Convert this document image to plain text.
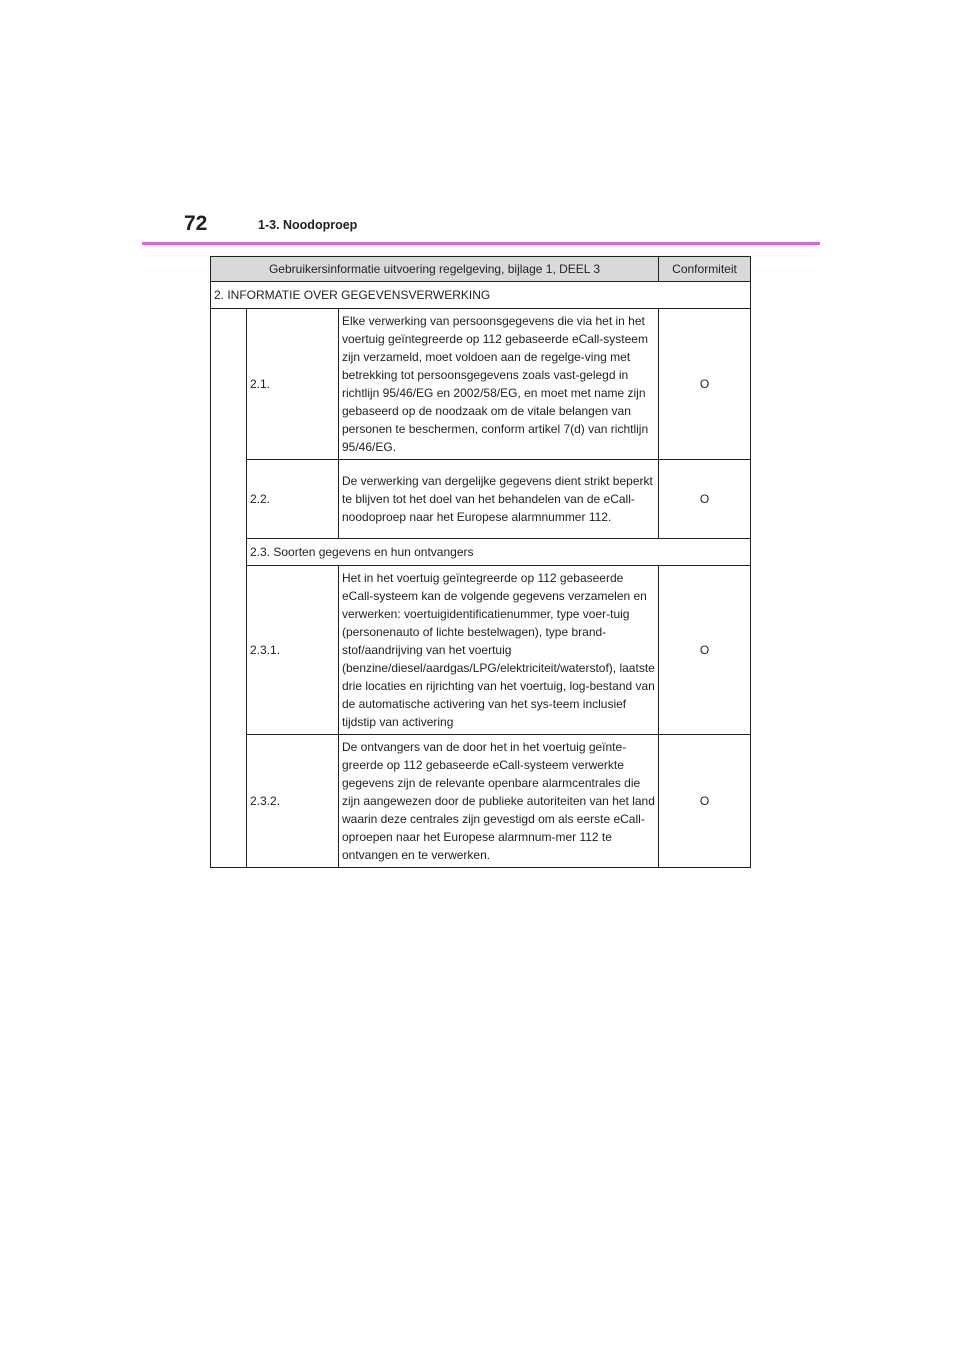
72	1-3. Noodoproep
Gebruikersinformatie uitvoering regelgeving, bijlage 1, DEEL 3			Conformiteit
2. INFORMATIE OVER GEGEVENSVERWERKING			
	2.1.	Elke verwerking van persoonsgegevens die via het in het voertuig geïntegreerde op 112 gebaseerde eCall-systeem zijn verzameld, moet voldoen aan de regelge-ving met betrekking tot persoonsgegevens zoals vast-gelegd in richtlijn 95/46/EG en 2002/58/EG, en moet met name zijn gebaseerd op de noodzaak om de vitale belangen van personen te beschermen, conform artikel 7(d) van richtlijn 95/46/EG.	O
	2.2.	De verwerking van dergelijke gegevens dient strikt beperkt te blijven tot het doel van het behandelen van de eCall-noodoproep naar het Europese alarmnummer 112.	O
	2.3. Soorten gegevens en hun ontvangers		
	2.3.1.	Het in het voertuig geïntegreerde op 112 gebaseerde eCall-systeem kan de volgende gegevens verzamelen en verwerken: voertuigidentificatienummer, type voer-tuig (personenauto of lichte bestelwagen), type brand-stof/aandrijving van het voertuig (benzine/diesel/aardgas/LPG/elektriciteit/waterstof), laatste drie locaties en rijrichting van het voertuig, log-bestand van de automatische activering van het sys-teem inclusief tijdstip van activering	O
	2.3.2.	De ontvangers van de door het in het voertuig geïnte-greerde op 112 gebaseerde eCall-systeem verwerkte gegevens zijn de relevante openbare alarmcentrales die zijn aangewezen door de publieke autoriteiten van het land waarin deze centrales zijn gevestigd om als eerste eCall-oproepen naar het Europese alarmnum-mer 112 te ontvangen en te verwerken.	O
